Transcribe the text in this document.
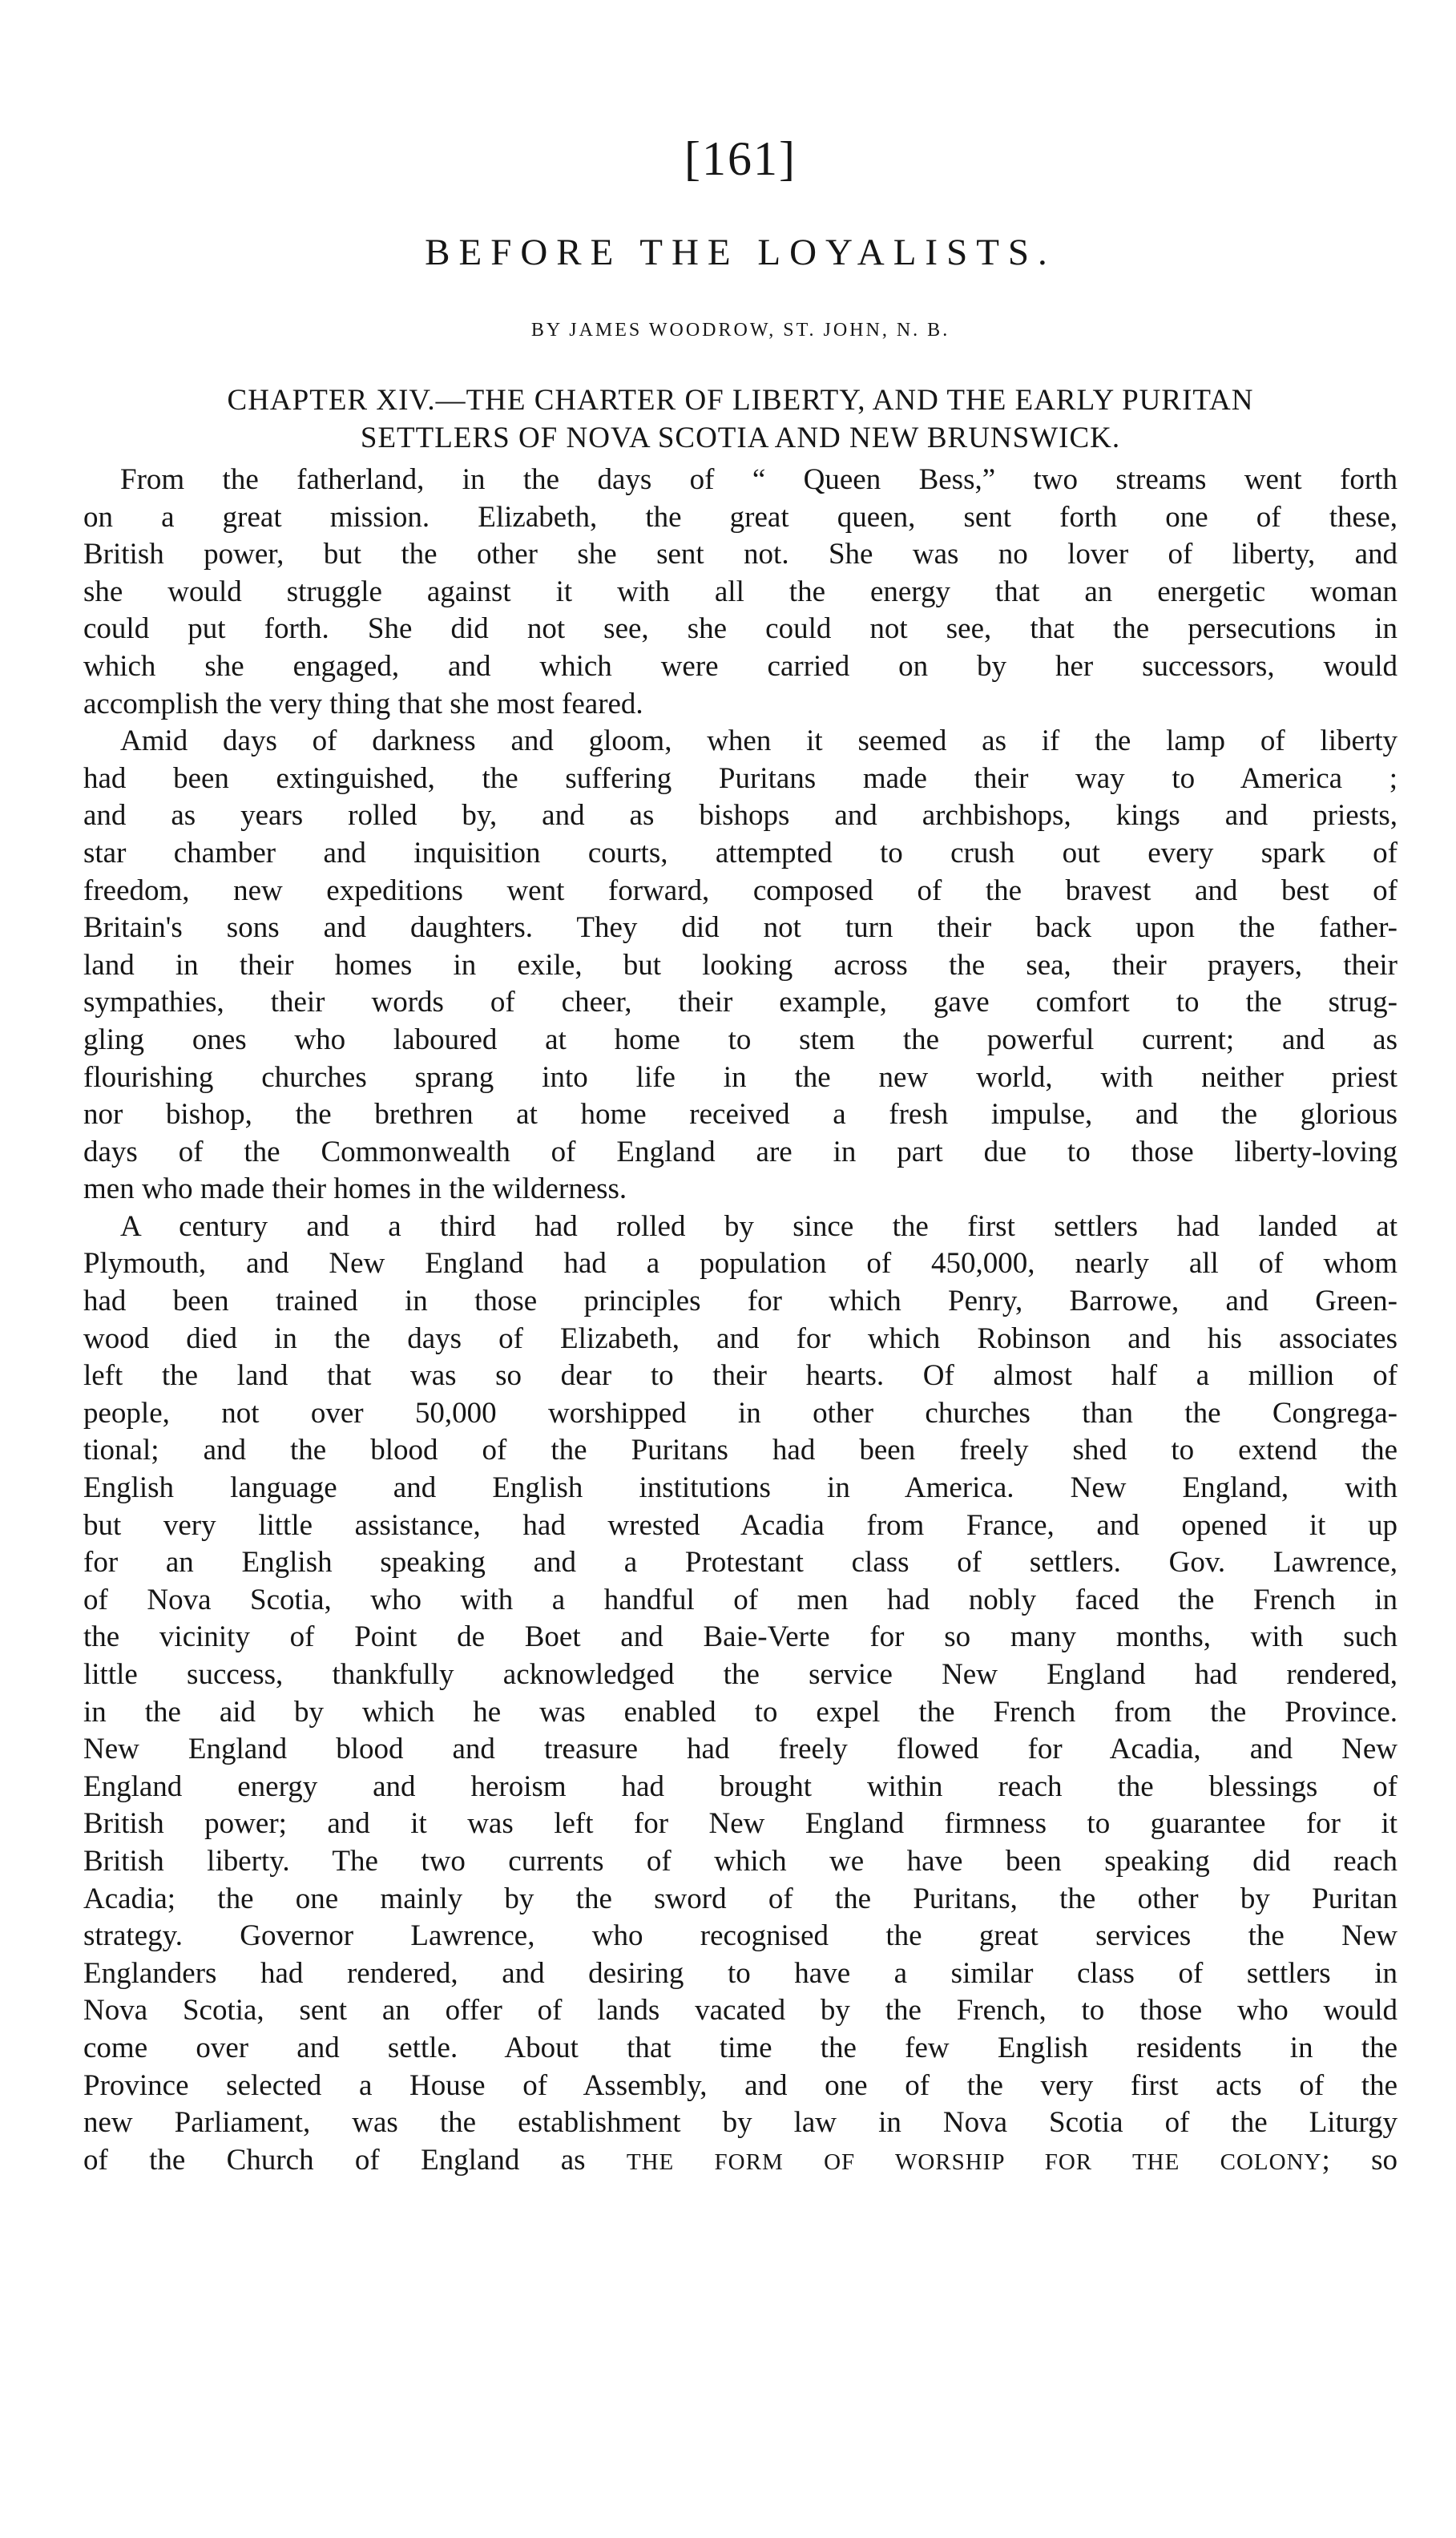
[161]
BEFORE THE LOYALISTS.
BY JAMES WOODROW, ST. JOHN, N. B.
CHAPTER XIV.—THE CHARTER OF LIBERTY, AND THE EARLY PURITAN
SETTLERS OF NOVA SCOTIA AND NEW BRUNSWICK.
From the fatherland, in the days of “ Queen Bess,” two streams went forth
on a great mission. Elizabeth, the great queen, sent forth one of these,
British power, but the other she sent not. She was no lover of liberty, and
she would struggle against it with all the energy that an energetic woman
could put forth. She did not see, she could not see, that the persecutions in
which she engaged, and which were carried on by her successors, would
accomplish the very thing that she most feared.
Amid days of darkness and gloom, when it seemed as if the lamp of liberty
had been extinguished, the suffering Puritans made their way to America ;
and as years rolled by, and as bishops and archbishops, kings and priests,
star chamber and inquisition courts, attempted to crush out every spark of
freedom, new expeditions went forward, composed of the bravest and best of
Britain's sons and daughters. They did not turn their back upon the father-
land in their homes in exile, but looking across the sea, their prayers, their
sympathies, their words of cheer, their example, gave comfort to the strug-
gling ones who laboured at home to stem the powerful current; and as
flourishing churches sprang into life in the new world, with neither priest
nor bishop, the brethren at home received a fresh impulse, and the glorious
days of the Commonwealth of England are in part due to those liberty-loving
men who made their homes in the wilderness.
A century and a third had rolled by since the first settlers had landed at
Plymouth, and New England had a population of 450,000, nearly all of whom
had been trained in those principles for which Penry, Barrowe, and Green-
wood died in the days of Elizabeth, and for which Robinson and his associates
left the land that was so dear to their hearts. Of almost half a million of
people, not over 50,000 worshipped in other churches than the Congrega-
tional; and the blood of the Puritans had been freely shed to extend the
English language and English institutions in America. New England, with
but very little assistance, had wrested Acadia from France, and opened it up
for an English speaking and a Protestant class of settlers. Gov. Lawrence,
of Nova Scotia, who with a handful of men had nobly faced the French in
the vicinity of Point de Boet and Baie-Verte for so many months, with such
little success, thankfully acknowledged the service New England had rendered,
in the aid by which he was enabled to expel the French from the Province.
New England blood and treasure had freely flowed for Acadia, and New
England energy and heroism had brought within reach the blessings of
British power; and it was left for New England firmness to guarantee for it
British liberty. The two currents of which we have been speaking did reach
Acadia; the one mainly by the sword of the Puritans, the other by Puritan
strategy. Governor Lawrence, who recognised the great services the New
Englanders had rendered, and desiring to have a similar class of settlers in
Nova Scotia, sent an offer of lands vacated by the French, to those who would
come over and settle. About that time the few English residents in the
Province selected a House of Assembly, and one of the very first acts of the
new Parliament, was the establishment by law in Nova Scotia of the Liturgy
of the Church of England as THE FORM OF WORSHIP FOR THE COLONY; so
